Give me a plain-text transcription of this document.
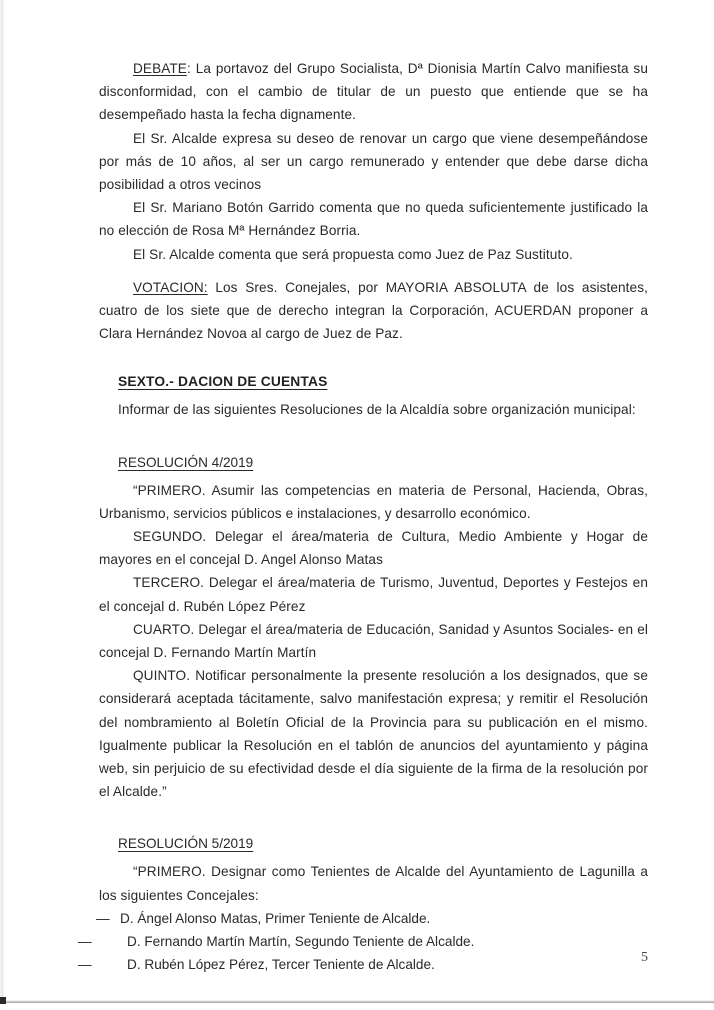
DEBATE: La portavoz del Grupo Socialista, Dª Dionisia Martín Calvo manifiesta su disconformidad, con el cambio de titular de un puesto que entiende que se ha desempeñado hasta la fecha dignamente.

El Sr. Alcalde expresa su deseo de renovar un cargo que viene desempeñándose por más de 10 años, al ser un cargo remunerado y entender que debe darse dicha posibilidad a otros vecinos

El Sr. Mariano Botón Garrido comenta que no queda suficientemente justificado la no elección de Rosa Mª Hernández Borria.

El Sr. Alcalde comenta que será propuesta como Juez de Paz Sustituto.

VOTACION: Los Sres. Conejales, por MAYORIA ABSOLUTA de los asistentes, cuatro de los siete que de derecho integran la Corporación, ACUERDAN proponer a Clara Hernández Novoa al cargo de Juez de Paz.

SEXTO.- DACION DE CUENTAS

Informar de las siguientes Resoluciones de la Alcaldía sobre organización municipal:

RESOLUCIÓN 4/2019

“PRIMERO. Asumir las competencias en materia de Personal, Hacienda, Obras, Urbanismo, servicios públicos e instalaciones, y desarrollo económico.

SEGUNDO. Delegar el área/materia de Cultura, Medio Ambiente y Hogar de mayores en el concejal D. Angel Alonso Matas

TERCERO. Delegar el área/materia de Turismo, Juventud, Deportes y Festejos en el concejal d. Rubén López Pérez

CUARTO. Delegar el área/materia de Educación, Sanidad y Asuntos Sociales- en el concejal D. Fernando Martín Martín

QUINTO. Notificar personalmente la presente resolución a los designados, que se considerará aceptada tácitamente, salvo manifestación expresa; y remitir el Resolución del nombramiento al Boletín Oficial de la Provincia para su publicación en el mismo. Igualmente publicar la Resolución en el tablón de anuncios del ayuntamiento y página web, sin perjuicio de su efectividad desde el día siguiente de la firma de la resolución por el Alcalde.”

RESOLUCIÓN 5/2019

“PRIMERO. Designar como Tenientes de Alcalde del Ayuntamiento de Lagunilla a los siguientes Concejales:

— D. Ángel Alonso Matas, Primer Teniente de Alcalde.
—	D. Fernando Martín Martín, Segundo Teniente de Alcalde.
—	D. Rubén López Pérez, Tercer Teniente de Alcalde.	5
